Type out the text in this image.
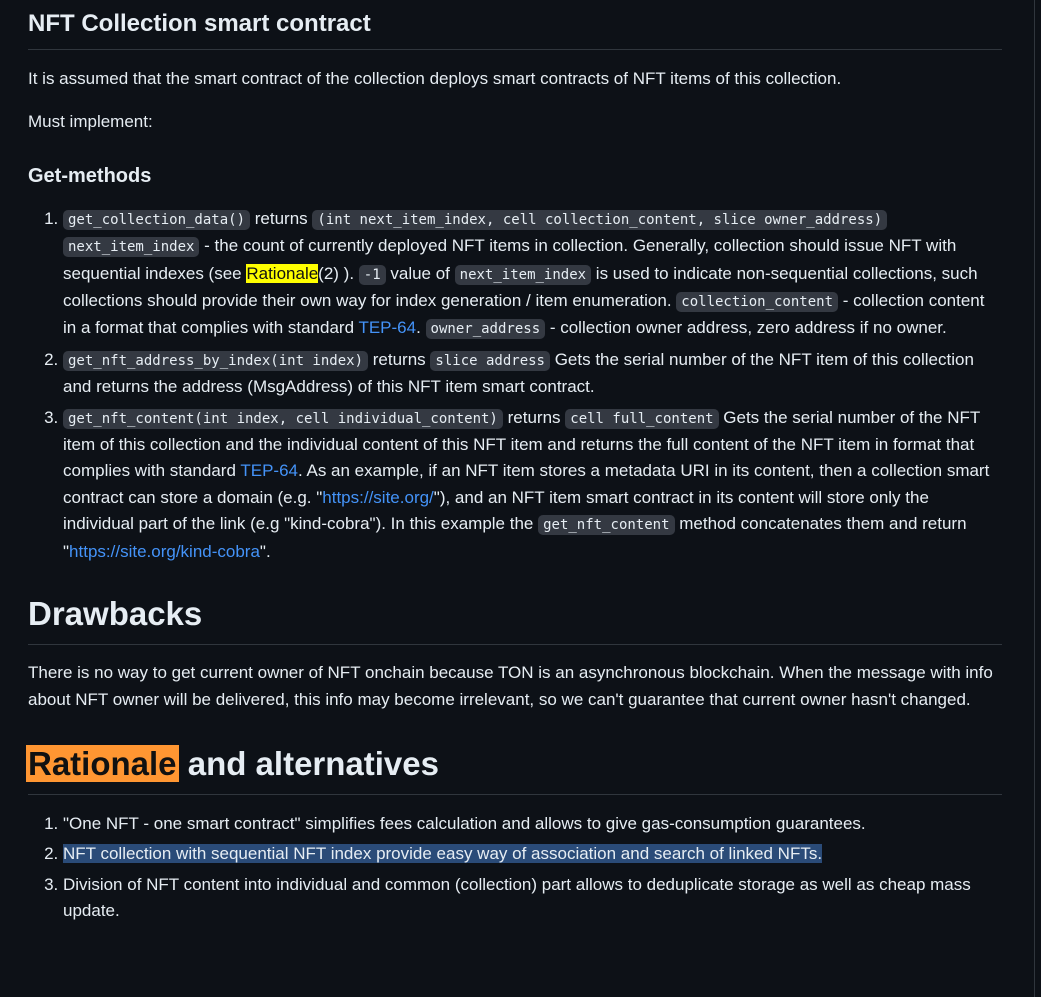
NFT Collection smart contract

It is assumed that the smart contract of the collection deploys smart contracts of NFT items of this collection.

Must implement:

Get-methods
1. get_collection_data() returns (int next_item_index, cell collection_content, slice owner_address)
next_item_index - the count of currently deployed NFT items in collection. Generally, collection should issue NFT with sequential indexes (see Rationale(2) ). -1 value of next_item_index is used to indicate non-sequential collections, such collections should provide their own way for index generation / item enumeration. collection_content - collection content in a format that complies with standard TEP-64. owner_address - collection owner address, zero address if no owner.
2. get_nft_address_by_index(int index) returns slice address Gets the serial number of the NFT item of this collection and returns the address (MsgAddress) of this NFT item smart contract.
3. get_nft_content(int index, cell individual_content) returns cell full_content Gets the serial number of the NFT item of this collection and the individual content of this NFT item and returns the full content of the NFT item in format that complies with standard TEP-64. As an example, if an NFT item stores a metadata URI in its content, then a collection smart contract can store a domain (e.g. "https://site.org/"), and an NFT item smart contract in its content will store only the individual part of the link (e.g "kind-cobra"). In this example the get_nft_content method concatenates them and return "https://site.org/kind-cobra".
Drawbacks

There is no way to get current owner of NFT onchain because TON is an asynchronous blockchain. When the message with info about NFT owner will be delivered, this info may become irrelevant, so we can't guarantee that current owner hasn't changed.

Rationale and alternatives
1. "One NFT - one smart contract" simplifies fees calculation and allows to give gas-consumption guarantees.
2. NFT collection with sequential NFT index provide easy way of association and search of linked NFTs.
3. Division of NFT content into individual and common (collection) part allows to deduplicate storage as well as cheap mass update.
